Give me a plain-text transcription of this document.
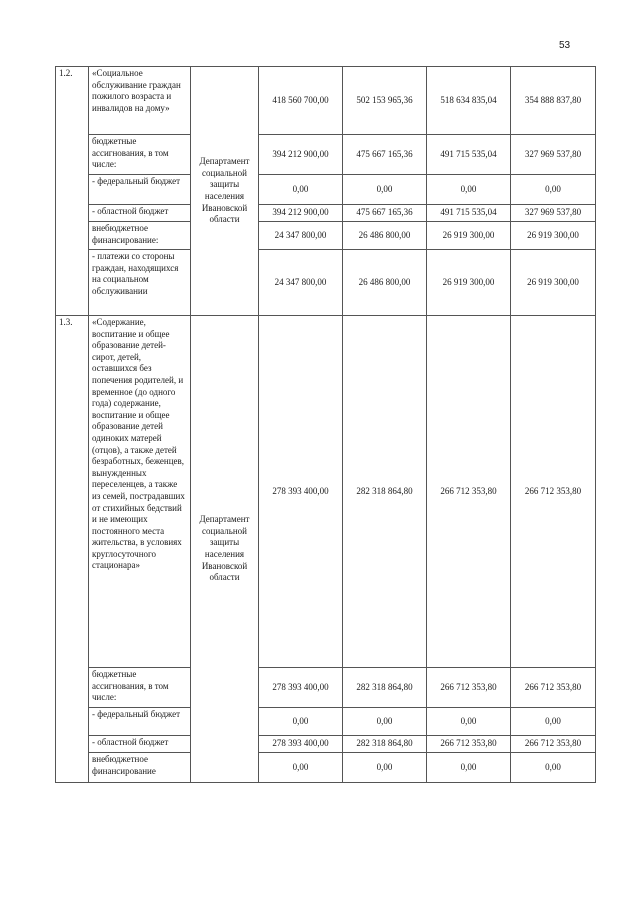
53
1.2.	«Социальное обслуживание граждан пожилого возраста и инвалидов на дому»	Департамент социальной защиты населения Ивановской области	418 560 700,00	502 153 965,36	518 634 835,04	354 888 837,80
	бюджетные ассигнования, в том числе:		394 212 900,00	475 667 165,36	491 715 535,04	327 969 537,80
	- федеральный бюджет		0,00	0,00	0,00	0,00
	- областной бюджет		394 212 900,00	475 667 165,36	491 715 535,04	327 969 537,80
	внебюджетное финансирование:		24 347 800,00	26 486 800,00	26 919 300,00	26 919 300,00
	- платежи со стороны граждан, находящихся на социальном обслуживании		24 347 800,00	26 486 800,00	26 919 300,00	26 919 300,00
1.3.	«Содержание, воспитание и общее образование детей-сирот, детей, оставшихся без попечения родителей, и временное (до одного года) содержание, воспитание и общее образование детей одиноких матерей (отцов), а также детей безработных, беженцев, вынужденных переселенцев, а также из семей, пострадавших от стихийных бедствий и не имеющих постоянного места жительства, в условиях круглосуточного стационара»	Департамент социальной защиты населения Ивановской области	278 393 400,00	282 318 864,80	266 712 353,80	266 712 353,80
	бюджетные ассигнования, в том числе:		278 393 400,00	282 318 864,80	266 712 353,80	266 712 353,80
	- федеральный бюджет		0,00	0,00	0,00	0,00
	- областной бюджет		278 393 400,00	282 318 864,80	266 712 353,80	266 712 353,80
	внебюджетное финансирование		0,00	0,00	0,00	0,00
